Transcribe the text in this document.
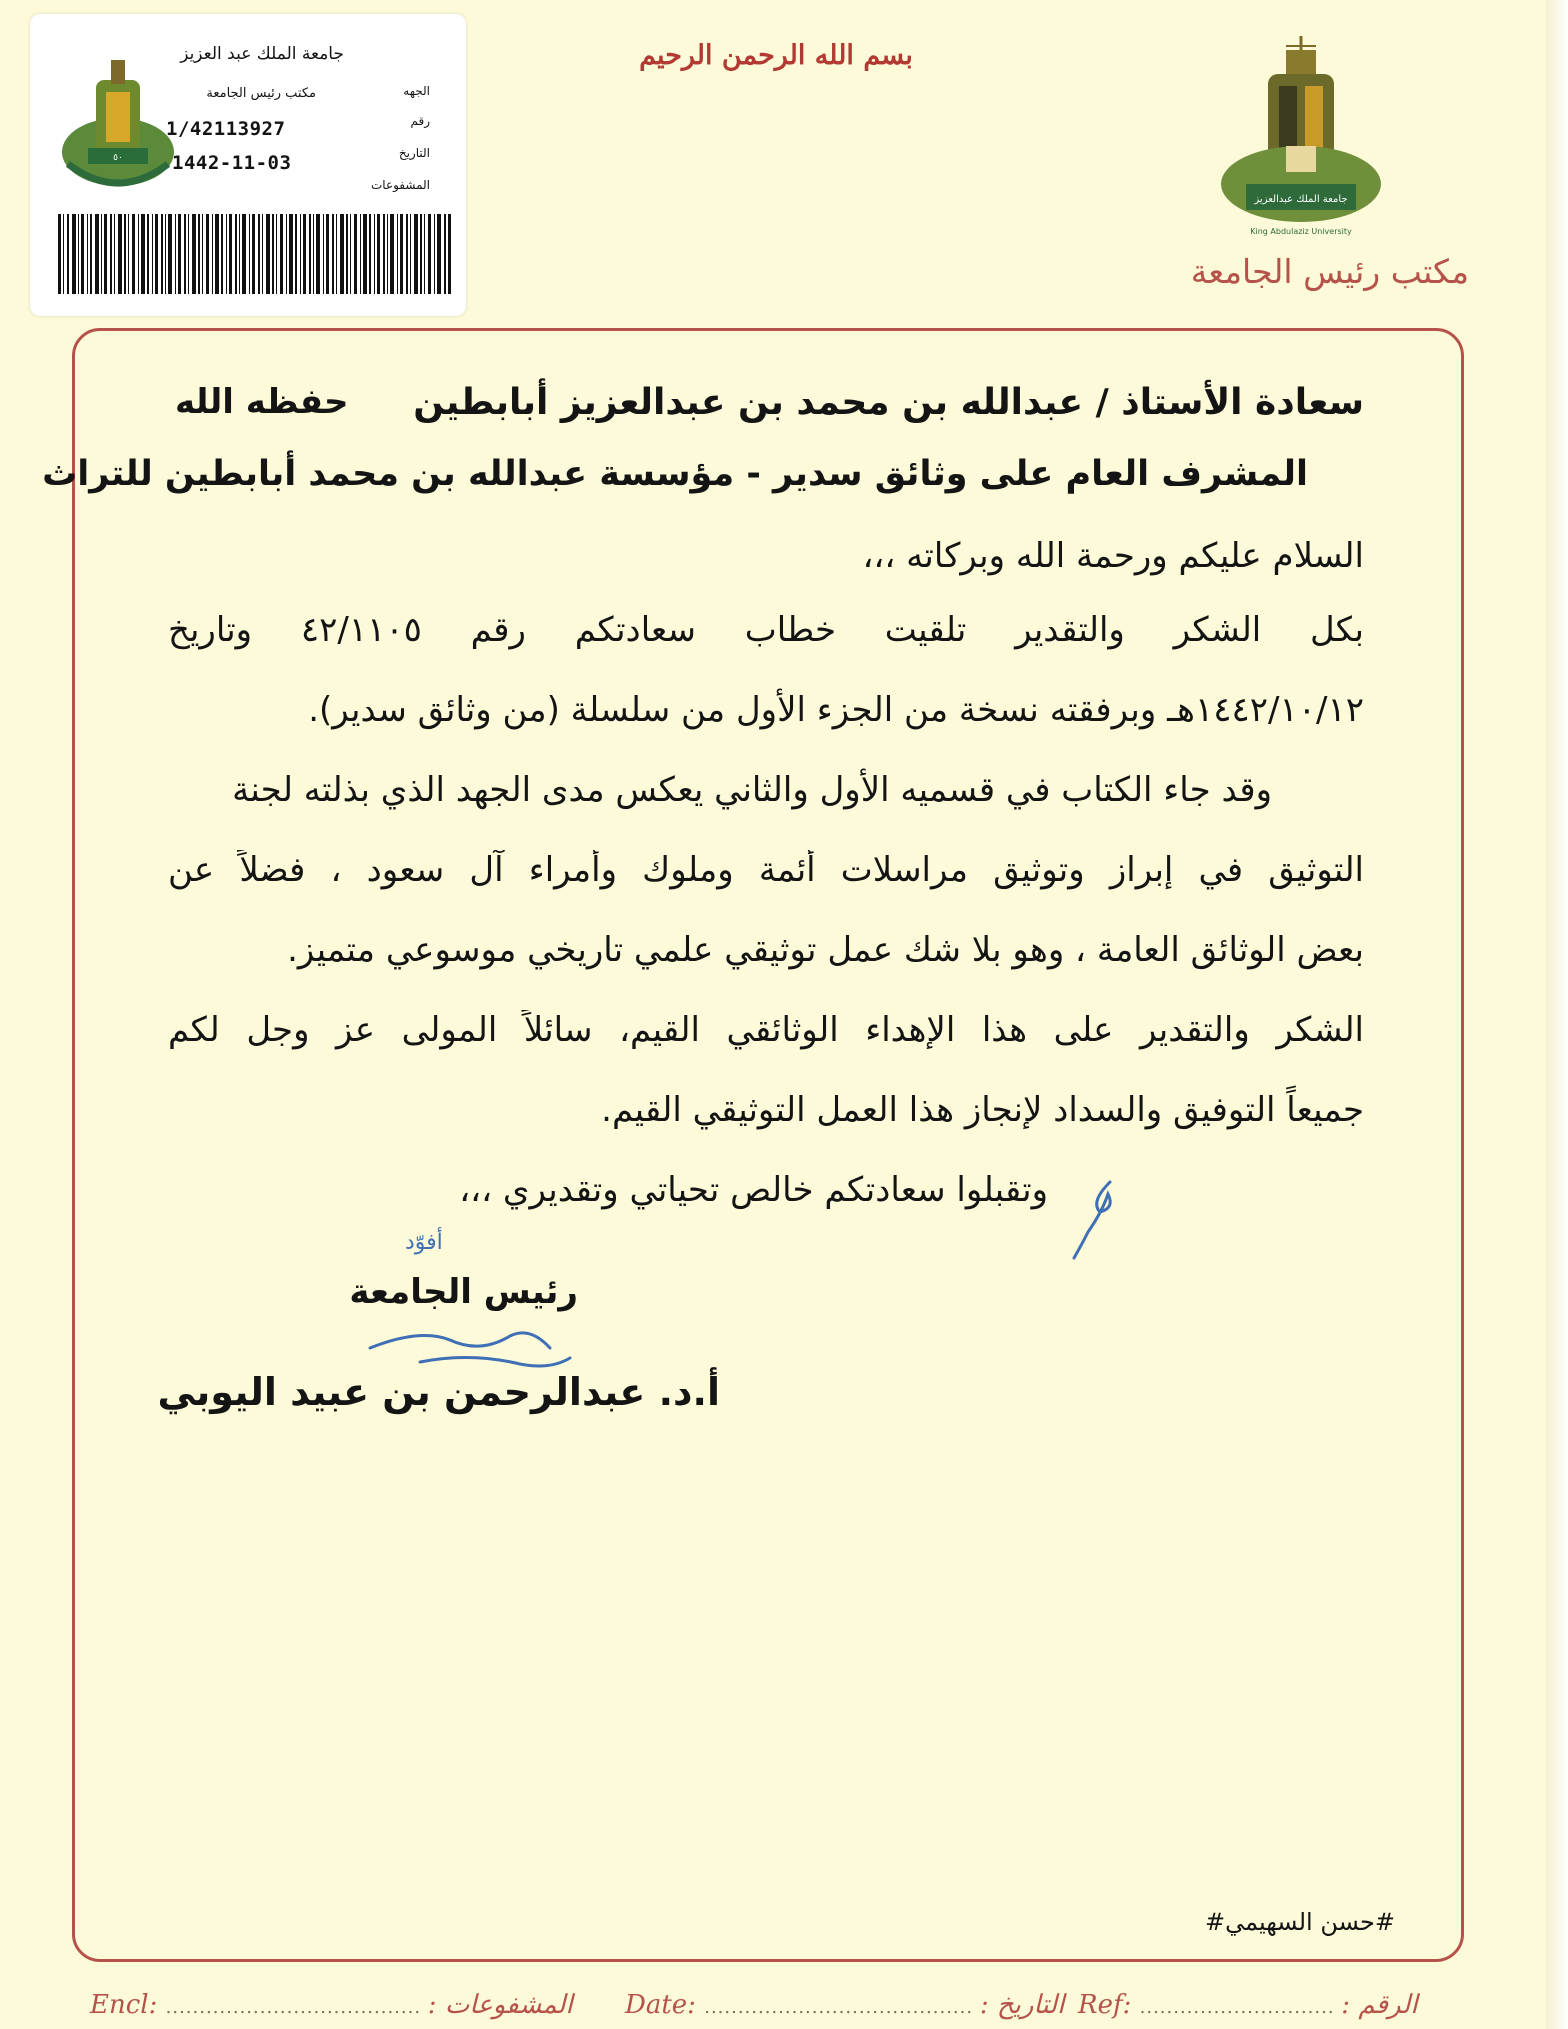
٥٠
جامعة الملك عبد العزيز
مكتب رئيس الجامعة
1/42113927
1442-11-03
الجهه
رقم
التاريخ
المشفوعات
بسم الله الرحمن الرحيم
جامعة الملك عبدالعزيز
King Abdulaziz University
مكتب رئيس الجامعة
سعادة الأستاذ / عبدالله بن محمد بن عبدالعزيز أبابطين
حفظه الله
المشرف العام على وثائق سدير - مؤسسة عبدالله بن محمد أبابطين للتراث
السلام عليكم ورحمة الله وبركاته ،،،
بكل الشكر والتقدير تلقيت خطاب سعادتكم رقم ٤٢/١١٠٥ وتاريخ
١٤٤٢/١٠/١٢هـ وبرفقته نسخة من الجزء الأول من سلسلة (من وثائق سدير).
وقد جاء الكتاب في قسميه الأول والثاني يعكس مدى الجهد الذي بذلته لجنة
التوثيق في إبراز وتوثيق مراسلات أئمة وملوك وأمراء آل سعود ، فضلاً عن
بعض الوثائق العامة ، وهو بلا شك عمل توثيقي علمي تاريخي موسوعي متميز.
الشكر والتقدير على هذا الإهداء الوثائقي القيم، سائلاً المولى عز وجل لكم
جميعاً التوفيق والسداد لإنجاز هذا العمل التوثيقي القيم.
وتقبلوا سعادتكم خالص تحياتي وتقديري ،،،
أفوّد
رئيس الجامعة
أ.د. عبدالرحمن بن عبيد اليوبي
#حسن السهيمي#
Encl: ...................................... : المشفوعات Date: ........................................ : التاريخ Ref: ............................. : الرقم
